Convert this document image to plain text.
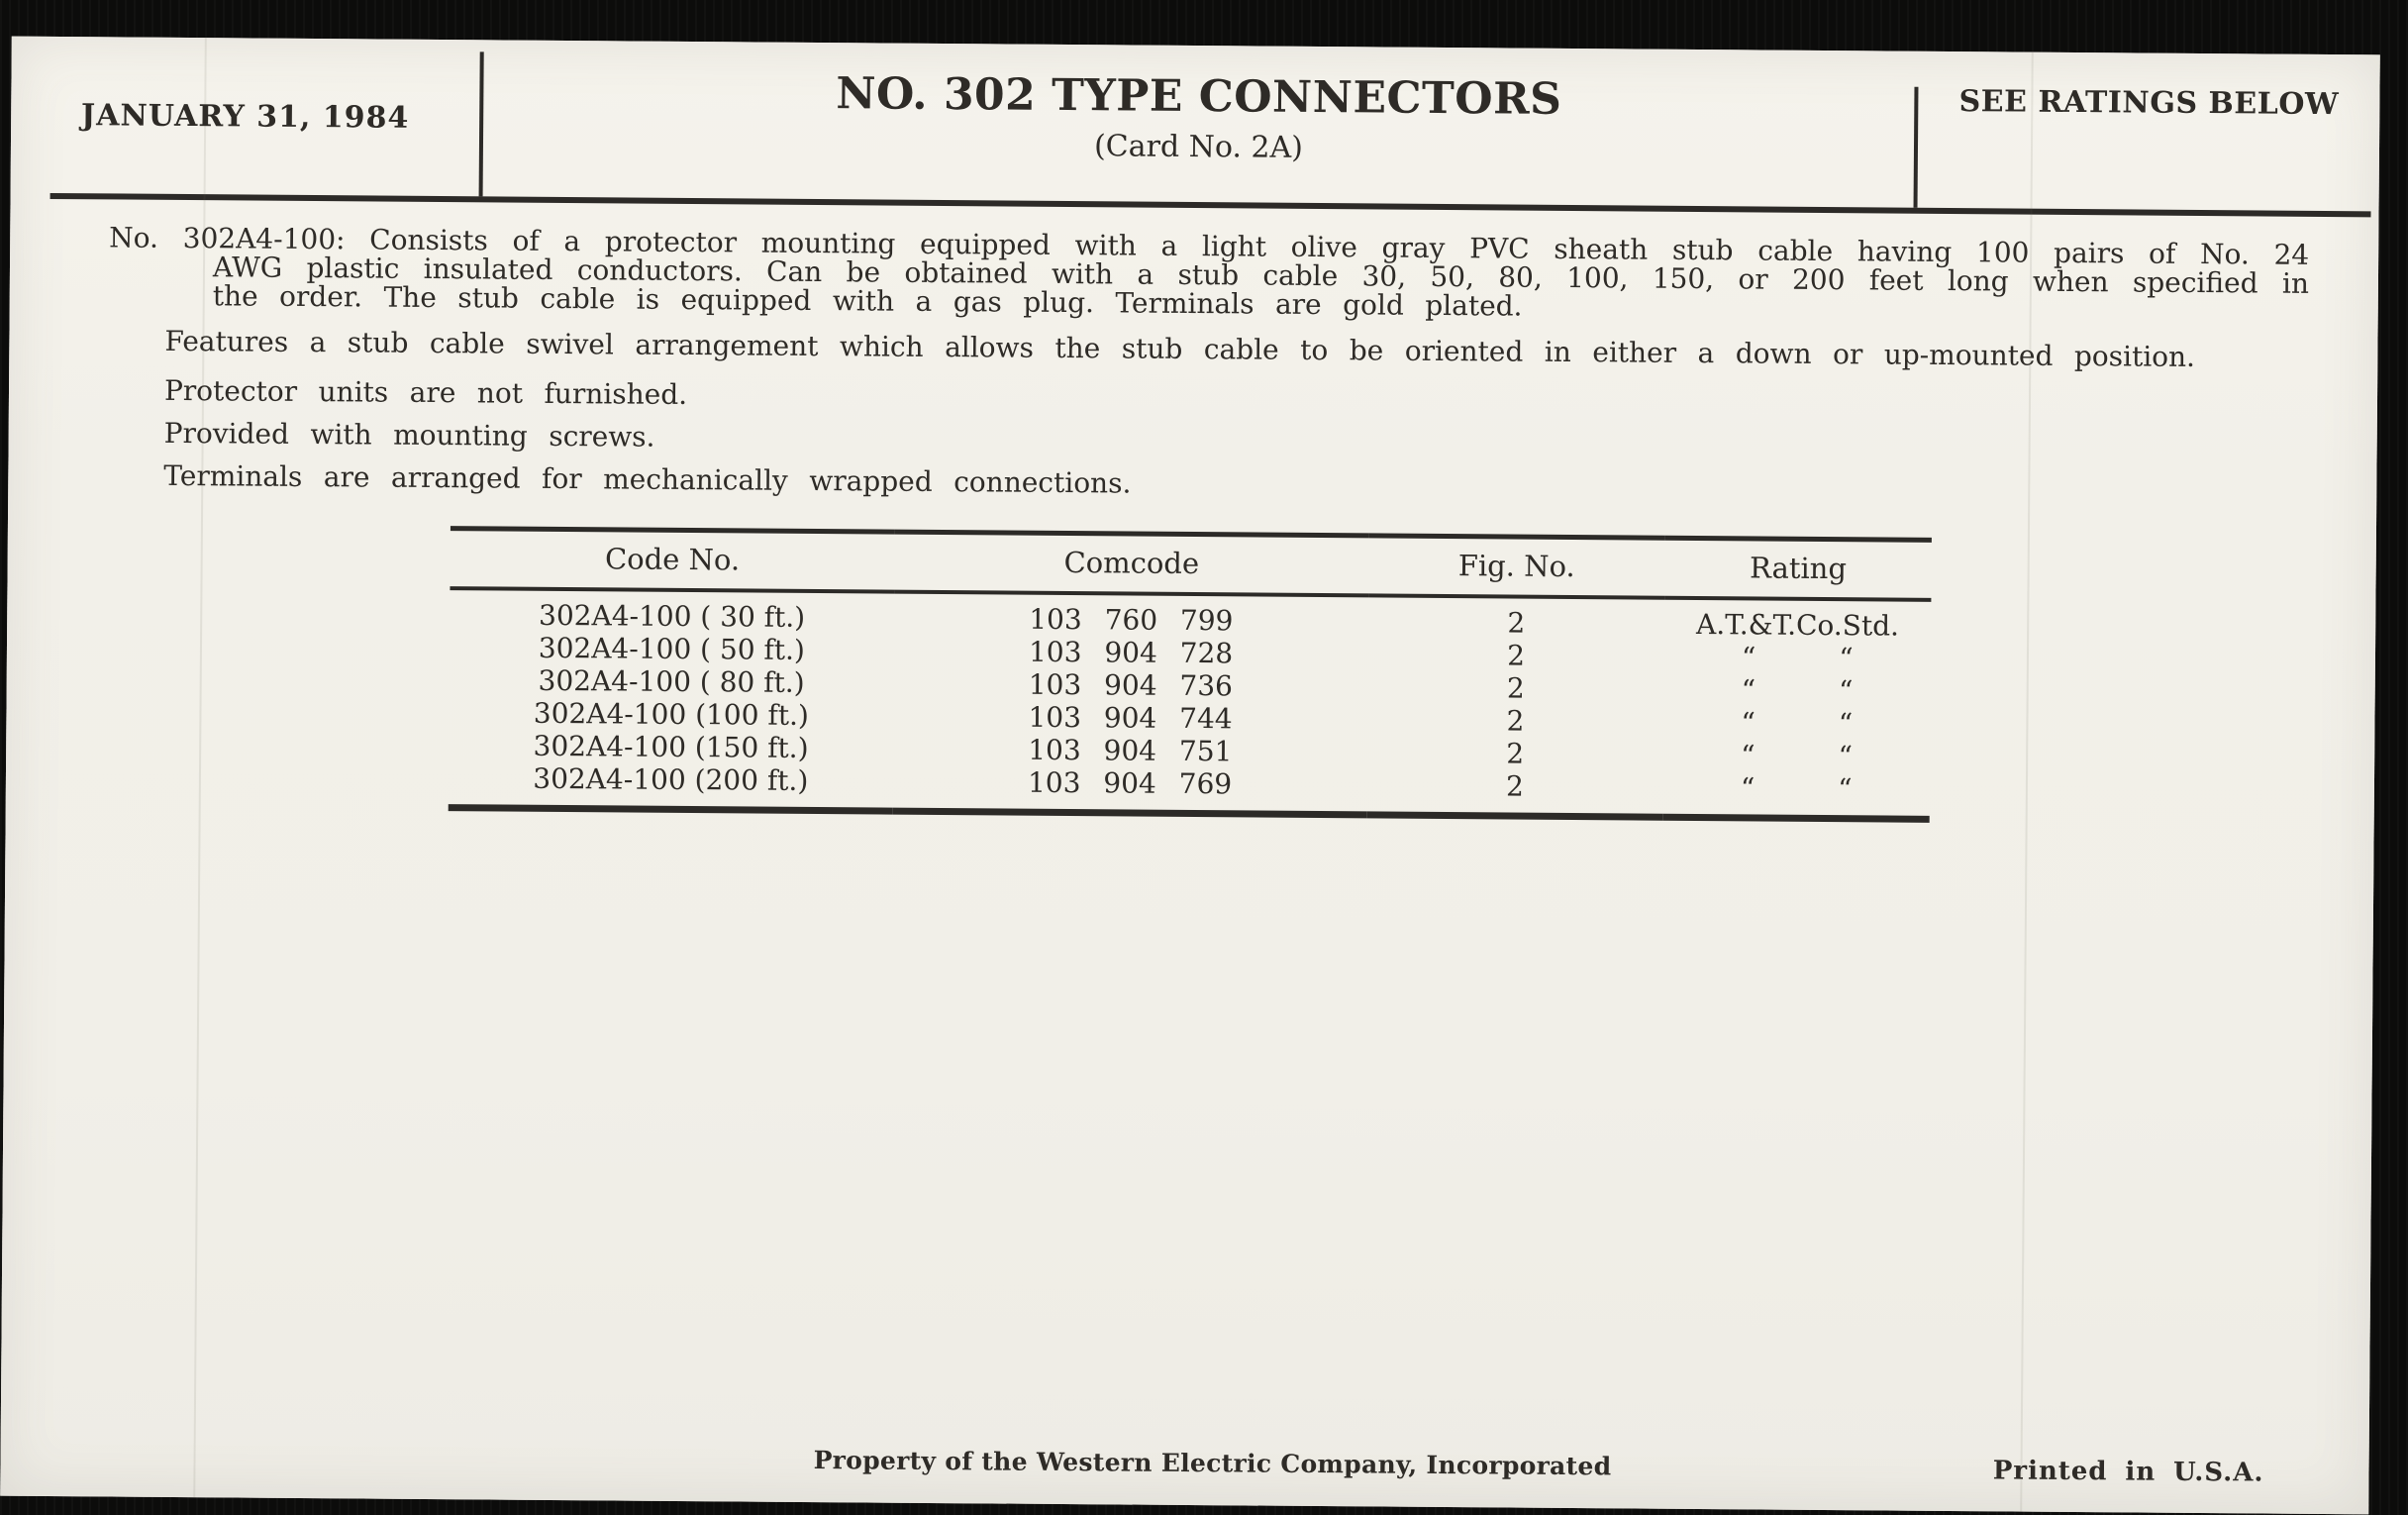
JANUARY 31, 1984	NO. 302 TYPE CONNECTORS
(Card No. 2A)
SEE RATINGS BELOW

No. 302A4-100: Consists of a protector mounting equipped with a light olive gray PVC sheath stub cable having 100 pairs of No. 24 AWG plastic insulated conductors. Can be obtained with a stub cable 30, 50, 80, 100, 150, or 200 feet long when specified in the order. The stub cable is equipped with a gas plug. Terminals are gold plated.

Features a stub cable swivel arrangement which allows the stub cable to be oriented in either a down or up-mounted position.

Protector units are not furnished.

Provided with mounting screws.

Terminals are arranged for mechanically wrapped connections.

Code No.	Comcode	Fig. No.	Rating
302A4-100 ( 30 ft.)	103 760 799	2	A.T.&T.Co.Std.
302A4-100 ( 50 ft.)	103 904 728	2	“   “
302A4-100 ( 80 ft.)	103 904 736	2	“   “
302A4-100 (100 ft.)	103 904 744	2	“   “
302A4-100 (150 ft.)	103 904 751	2	“   “
302A4-100 (200 ft.)	103 904 769	2	“   “
Property of the Western Electric Company, Incorporated	Printed in U.S.A.
